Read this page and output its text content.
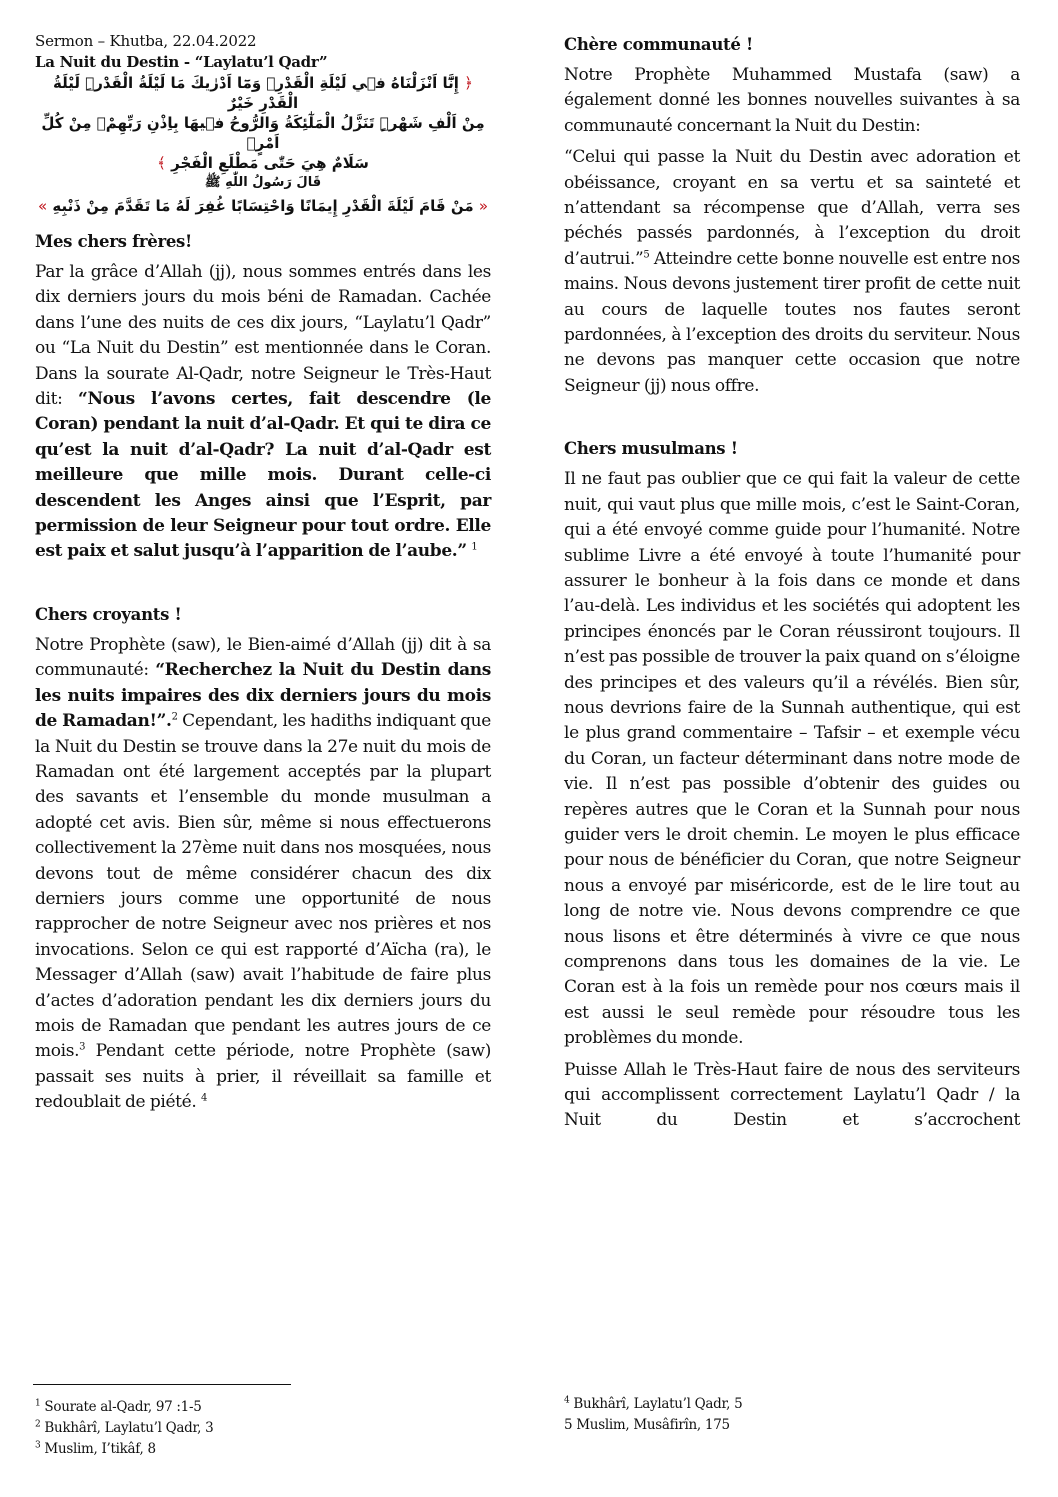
Sermon – Khutba, 22.04.2022

La Nuit du Destin - “Laylatu’l Qadr”

﴿ إِنَّٓا اَنْزَلْنَاهُ ف۪ي لَيْلَةِ الْقَدْرِۚ وَمَٓا اَدْرٰيكَ مَا لَيْلَةُ الْقَدْرِۜ لَيْلَةُ الْقَدْرِ خَيْرٌ
مِنْ اَلْفِ شَهْرٍۜ تَنَزَّلُ الْمَلٰٓئِكَةُ وَالرُّوحُ ف۪يهَا بِاِذْنِ رَبِّهِمْۚ مِنْ كُلِّ اَمْرٍۙ
سَلَامٌ هِيَ حَتّٰى مَطْلَعِ الْفَجْرِ ﴾
قَالَ رَسُولُ اللّٰهِ ﷺ
« مَنْ قَامَ لَيْلَةَ الْقَدْرِ إِيمَانًا وَاحْتِسَابًا غُفِرَ لَهُ مَا تَقَدَّمَ مِنْ ذَنْبِهِ »
Mes chers frères!

Par la grâce d’Allah (jj), nous sommes entrés dans les dix derniers jours du mois béni de Ramadan. Cachée dans l’une des nuits de ces dix jours, “Laylatu’l Qadr” ou “La Nuit du Destin” est mentionnée dans le Coran. Dans la sourate Al-Qadr, notre Seigneur le Très-Haut dit: “Nous l’avons certes, fait descendre (le Coran) pendant la nuit d’al-Qadr. Et qui te dira ce qu’est la nuit d’al-Qadr? La nuit d’al-Qadr est meilleure que mille mois. Durant celle-ci descendent les Anges ainsi que l’Esprit, par permission de leur Seigneur pour tout ordre. Elle est paix et salut jusqu’à l’apparition de l’aube.” $^1$

Chers croyants !

Notre Prophète (saw), le Bien-aimé d’Allah (jj) dit à sa communauté: “Recherchez la Nuit du Destin dans les nuits impaires des dix derniers jours du mois de Ramadan!”.$^2$ Cependant, les hadiths indiquant que la Nuit du Destin se trouve dans la 27e nuit du mois de Ramadan ont été largement acceptés par la plupart des savants et l’ensemble du monde musulman a adopté cet avis. Bien sûr, même si nous effectuerons collectivement la 27ème nuit dans nos mosquées, nous devons tout de même considérer chacun des dix derniers jours comme une opportunité de nous rapprocher de notre Seigneur avec nos prières et nos invocations. Selon ce qui est rapporté d’Aïcha (ra), le Messager d’Allah (saw) avait l’habitude de faire plus d’actes d’adoration pendant les dix derniers jours du mois de Ramadan que pendant les autres jours de ce mois.$^3$ Pendant cette période, notre Prophète (saw) passait ses nuits à prier, il réveillait sa famille et redoublait de piété. $^4$

Chère communauté !

Notre Prophète Muhammed Mustafa (saw) a également donné les bonnes nouvelles suivantes à sa communauté concernant la Nuit du Destin:

“Celui qui passe la Nuit du Destin avec adoration et obéissance, croyant en sa vertu et sa sainteté et n’attendant sa récompense que d’Allah, verra ses péchés passés pardonnés, à l’exception du droit d’autrui.”$^5$ Atteindre cette bonne nouvelle est entre nos mains. Nous devons justement tirer profit de cette nuit au cours de laquelle toutes nos fautes seront pardonnées, à l’exception des droits du serviteur. Nous ne devons pas manquer cette occasion que notre Seigneur (jj) nous offre.

Chers musulmans !

Il ne faut pas oublier que ce qui fait la valeur de cette nuit, qui vaut plus que mille mois, c’est le Saint-Coran, qui a été envoyé comme guide pour l’humanité. Notre sublime Livre a été envoyé à toute l’humanité pour assurer le bonheur à la fois dans ce monde et dans l’au-delà. Les individus et les sociétés qui adoptent les principes énoncés par le Coran réussiront toujours. Il n’est pas possible de trouver la paix quand on s’éloigne des principes et des valeurs qu’il a révélés. Bien sûr, nous devrions faire de la Sunnah authentique, qui est le plus grand commentaire – Tafsir – et exemple vécu du Coran, un facteur déterminant dans notre mode de vie. Il n’est pas possible d’obtenir des guides ou repères autres que le Coran et la Sunnah pour nous guider vers le droit chemin. Le moyen le plus efficace pour nous de bénéficier du Coran, que notre Seigneur nous a envoyé par miséricorde, est de le lire tout au long de notre vie. Nous devons comprendre ce que nous lisons et être déterminés à vivre ce que nous comprenons dans tous les domaines de la vie. Le Coran est à la fois un remède pour nos cœurs mais il est aussi le seul remède pour résoudre tous les problèmes du monde.

Puisse Allah le Très-Haut faire de nous des serviteurs qui accomplissent correctement Laylatu’l Qadr / la Nuit du Destin et s’accrochent

$^1$ Sourate al-Qadr, 97 :1-5
$^2$ Bukhârî, Laylatu’l Qadr, 3
$^3$ Muslim, I’tikâf, 8
$^4$ Bukhârî, Laylatu’l Qadr, 5
5 Muslim, Musâfirîn, 175
